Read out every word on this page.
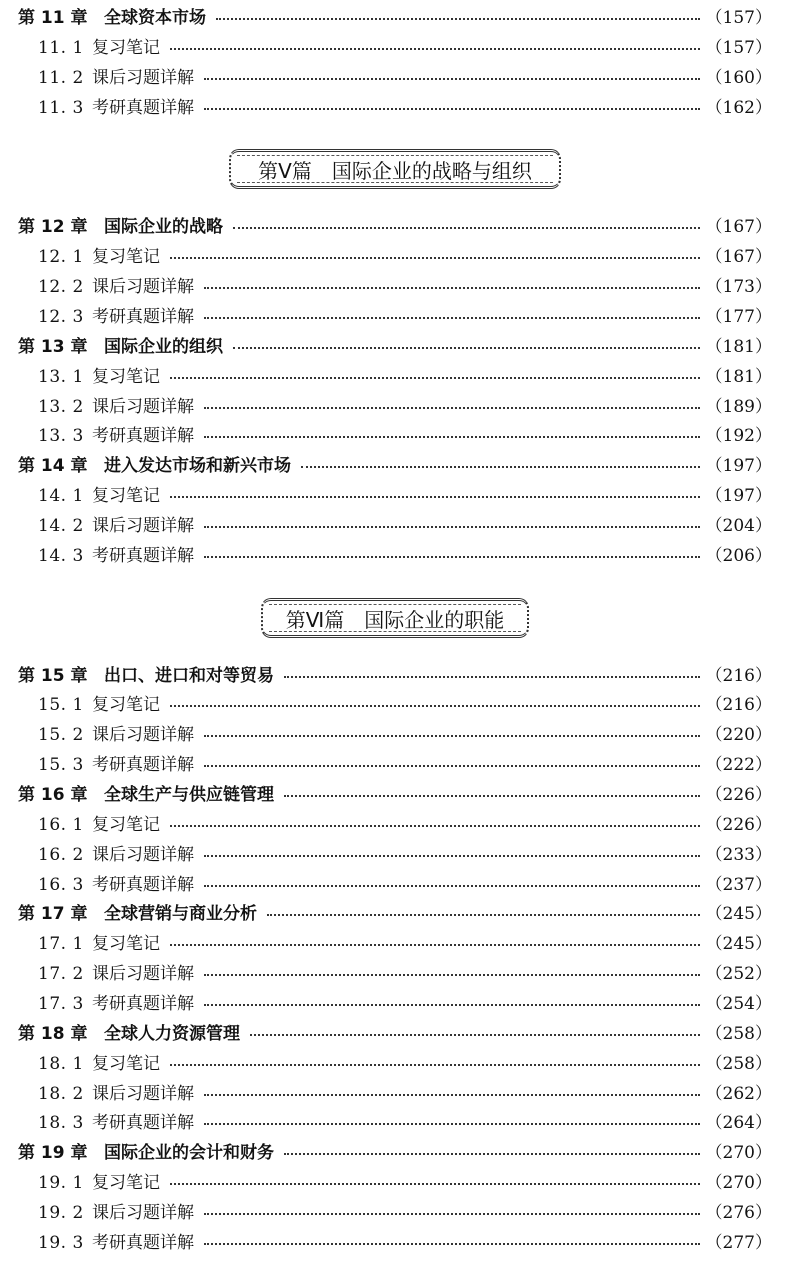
第 11 章 全球资本市场	（157）
11. 1 复习笔记	（157）
11. 2 课后习题详解	（160）
11. 3 考研真题详解	（162）
第Ⅴ篇　国际企业的战略与组织
第 12 章 国际企业的战略	（167）
12. 1 复习笔记	（167）
12. 2 课后习题详解	（173）
12. 3 考研真题详解	（177）
第 13 章 国际企业的组织	（181）
13. 1 复习笔记	（181）
13. 2 课后习题详解	（189）
13. 3 考研真题详解	（192）
第 14 章 进入发达市场和新兴市场	（197）
14. 1 复习笔记	（197）
14. 2 课后习题详解	（204）
14. 3 考研真题详解	（206）
第Ⅵ篇　国际企业的职能
第 15 章 出口、进口和对等贸易	（216）
15. 1 复习笔记	（216）
15. 2 课后习题详解	（220）
15. 3 考研真题详解	（222）
第 16 章 全球生产与供应链管理	（226）
16. 1 复习笔记	（226）
16. 2 课后习题详解	（233）
16. 3 考研真题详解	（237）
第 17 章 全球营销与商业分析	（245）
17. 1 复习笔记	（245）
17. 2 课后习题详解	（252）
17. 3 考研真题详解	（254）
第 18 章 全球人力资源管理	（258）
18. 1 复习笔记	（258）
18. 2 课后习题详解	（262）
18. 3 考研真题详解	（264）
第 19 章 国际企业的会计和财务	（270）
19. 1 复习笔记	（270）
19. 2 课后习题详解	（276）
19. 3 考研真题详解	（277）
